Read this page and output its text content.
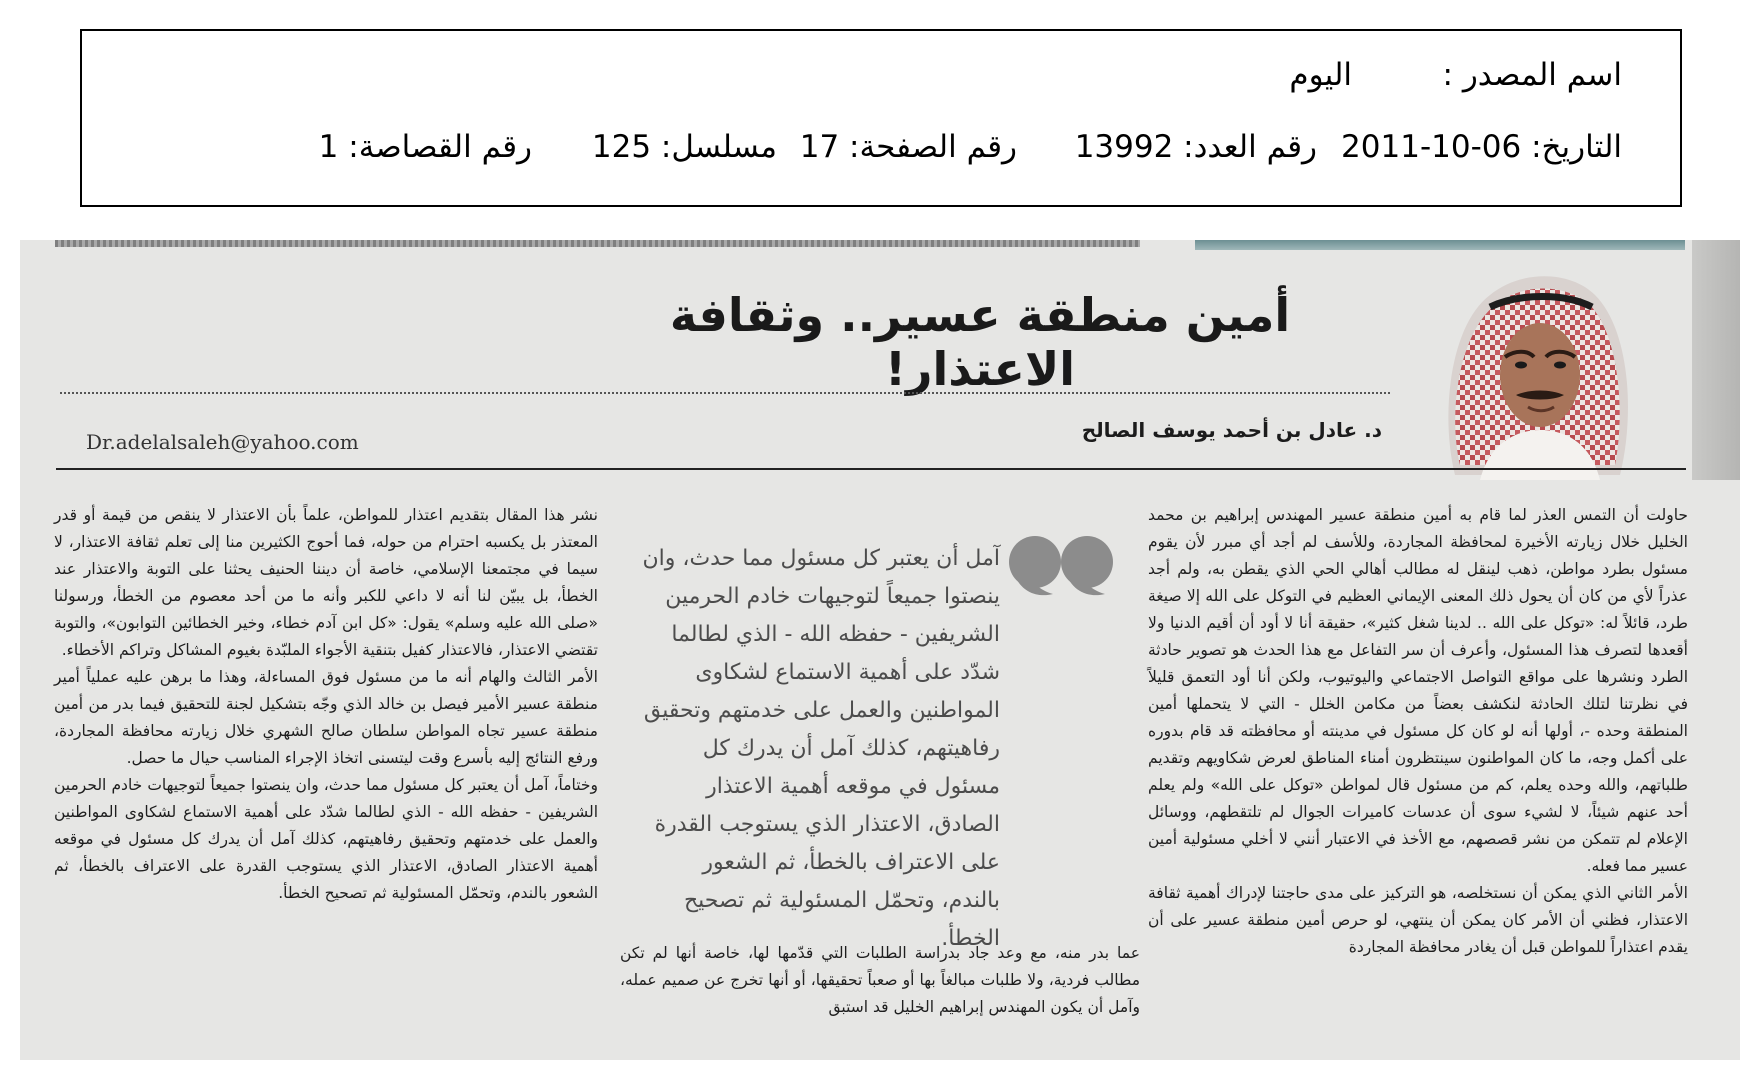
اسم المصدر :
اليوم
التاريخ: 06-10-2011
رقم العدد: 13992
رقم الصفحة: 17
مسلسل: 125
رقم القصاصة: 1
أمين منطقة عسير.. وثقافة الاعتذار!
د. عادل بن أحمد يوسف الصالح
Dr.adelalsaleh@yahoo.com

حاولت أن التمس العذر لما قام به أمين منطقة عسير المهندس إبراهيم بن محمد الخليل خلال زيارته الأخيرة لمحافظة المجاردة، وللأسف لم أجد أي مبرر لأن يقوم مسئول بطرد مواطن، ذهب لينقل له مطالب أهالي الحي الذي يقطن به، ولم أجد عذراً لأي من كان أن يحول ذلك المعنى الإيماني العظيم في التوكل على الله إلا صيغة طرد، قائلاً له: «توكل على الله .. لدينا شغل كثير»، حقيقة أنا لا أود أن أقيم الدنيا ولا أقعدها لتصرف هذا المسئول، وأعرف أن سر التفاعل مع هذا الحدث هو تصوير حادثة الطرد ونشرها على مواقع التواصل الاجتماعي واليوتيوب، ولكن أنا أود التعمق قليلاً في نظرتنا لتلك الحادثة لنكشف بعضاً من مكامن الخلل - التي لا يتحملها أمين المنطقة وحده -، أولها أنه لو كان كل مسئول في مدينته أو محافظته قد قام بدوره على أكمل وجه، ما كان المواطنون سينتظرون أمناء المناطق لعرض شكاويهم وتقديم طلباتهم، والله وحده يعلم، كم من مسئول قال لمواطن «توكل على الله» ولم يعلم أحد عنهم شيئاً، لا لشيء سوى أن عدسات كاميرات الجوال لم تلتقطهم، ووسائل الإعلام لم تتمكن من نشر قصصهم، مع الأخذ في الاعتبار أنني لا أخلي مسئولية أمين عسير مما فعله.

الأمر الثاني الذي يمكن أن نستخلصه، هو التركيز على مدى حاجتنا لإدراك أهمية ثقافة الاعتذار، فظني أن الأمر كان يمكن أن ينتهي، لو حرص أمين منطقة عسير على أن يقدم اعتذاراً للمواطن قبل أن يغادر محافظة المجاردة

آمل أن يعتبر كل مسئول مما حدث، وان ينصتوا جميعاً لتوجيهات خادم الحرمين الشريفين - حفظه الله - الذي لطالما شدّد على أهمية الاستماع لشكاوى المواطنين والعمل على خدمتهم وتحقيق رفاهيتهم، كذلك آمل أن يدرك كل مسئول في موقعه أهمية الاعتذار الصادق، الاعتذار الذي يستوجب القدرة على الاعتراف بالخطأ، ثم الشعور بالندم، وتحمّل المسئولية ثم تصحيح الخطأ.
عما بدر منه، مع وعد جاد بدراسة الطلبات التي قدّمها لها، خاصة أنها لم تكن مطالب فردية، ولا طلبات مبالغاً بها أو صعباً تحقيقها، أو أنها تخرج عن صميم عمله، وآمل أن يكون المهندس إبراهيم الخليل قد استبق

نشر هذا المقال بتقديم اعتذار للمواطن، علماً بأن الاعتذار لا ينقص من قيمة أو قدر المعتذر بل يكسبه احترام من حوله، فما أحوج الكثيرين منا إلى تعلم ثقافة الاعتذار، لا سيما في مجتمعنا الإسلامي، خاصة أن ديننا الحنيف يحثنا على التوبة والاعتذار عند الخطأ، بل يبيّن لنا أنه لا داعي للكبر وأنه ما من أحد معصوم من الخطأ، ورسولنا «صلى الله عليه وسلم» يقول: «كل ابن آدم خطاء، وخير الخطائين التوابون»، والتوبة تقتضي الاعتذار، فالاعتذار كفيل بتنقية الأجواء الملبّدة بغيوم المشاكل وتراكم الأخطاء.

الأمر الثالث والهام أنه ما من مسئول فوق المساءلة، وهذا ما برهن عليه عملياً أمير منطقة عسير الأمير فيصل بن خالد الذي وجّه بتشكيل لجنة للتحقيق فيما بدر من أمين منطقة عسير تجاه المواطن سلطان صالح الشهري خلال زيارته محافظة المجاردة، ورفع النتائج إليه بأسرع وقت ليتسنى اتخاذ الإجراء المناسب حيال ما حصل.

وختاماً، آمل أن يعتبر كل مسئول مما حدث، وان ينصتوا جميعاً لتوجيهات خادم الحرمين الشريفين - حفظه الله - الذي لطالما شدّد على أهمية الاستماع لشكاوى المواطنين والعمل على خدمتهم وتحقيق رفاهيتهم، كذلك آمل أن يدرك كل مسئول في موقعه أهمية الاعتذار الصادق، الاعتذار الذي يستوجب القدرة على الاعتراف بالخطأ، ثم الشعور بالندم، وتحمّل المسئولية ثم تصحيح الخطأ.
